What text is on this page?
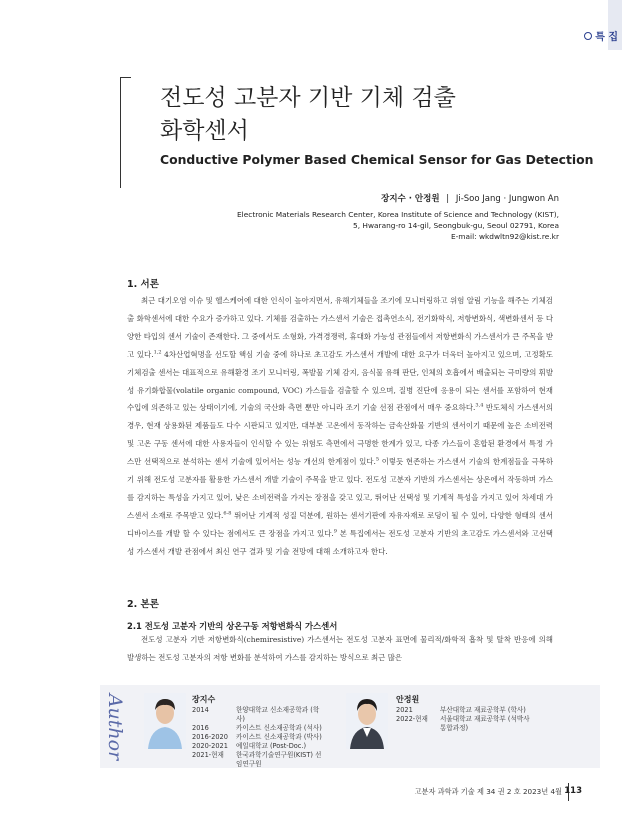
특 집
전도성 고분자 기반 기체 검출
화학센서
Conductive Polymer Based Chemical Sensor for Gas Detection
장지수 · 안정원 | Ji-Soo Jang · Jungwon An
Electronic Materials Research Center, Korea Institute of Science and Technology (KIST),
5, Hwarang-ro 14-gil, Seongbuk-gu, Seoul 02791, Korea
E-mail: wkdwltn92@kist.re.kr
1. 서론
최근 대기오염 이슈 및 헬스케어에 대한 인식이 높아지면서, 유해기체들을 조기에 모니터링하고 위험 알림 기능을 해주는 기체검출 화학센서에 대한 수요가 증가하고 있다. 기체를 검출하는 가스센서 기술은 접촉연소식, 전기화학식, 저항변화식, 색변화센서 등 다양한 타입의 센서 기술이 존재한다. 그 중에서도 소형화, 가격경쟁력, 휴대화 가능성 관점들에서 저항변화식 가스센서가 큰 주목을 받고 있다.$^{1,2}$ 4차산업혁명을 선도할 핵심 기술 중에 하나로 초고감도 가스센서 개발에 대한 요구가 더욱더 높아지고 있으며, 고정확도 기체검출 센서는 대표적으로 유해환경 조기 모니터링, 폭발물 기체 감지, 음식물 유해 판단, 인체의 호흡에서 배출되는 극미량의 휘발성 유기화합물(volatile organic compound, VOC) 가스들을 검출할 수 있으며, 질병 진단에 응용이 되는 센서를 포함하여 현재 수입에 의존하고 있는 상태이기에, 기술의 국산화 측면 뿐만 아니라 조기 기술 선점 관점에서 매우 중요하다.$^{3,4}$ 반도체식 가스센서의 경우, 현재 상용화된 제품들도 다수 시판되고 있지만, 대부분 고온에서 동작하는 금속산화물 기반의 센서이기 때문에 높은 소비전력 및 고온 구동 센서에 대한 사용자들이 인식할 수 있는 위험도 측면에서 극명한 한계가 있고, 다종 가스들이 혼합된 환경에서 특정 가스만 선택적으로 분석하는 센서 기술에 있어서는 성능 개선의 한계점이 있다.$^5$ 이렇듯 현존하는 가스센서 기술의 한계점들을 극복하기 위해 전도성 고분자를 활용한 가스센서 개발 기술이 주목을 받고 있다. 전도성 고분자 기반의 가스센서는 상온에서 작동하며 가스를 감지하는 특성을 가지고 있어, 낮은 소비전력을 가지는 장점을 갖고 있고, 뛰어난 선택성 및 기계적 특성을 가지고 있어 차세대 가스센서 소재로 주목받고 있다.$^{6-8}$ 뛰어난 기계적 성질 덕분에, 원하는 센서기판에 자유자재로 로딩이 될 수 있어, 다양한 형태의 센서디바이스를 개발 할 수 있다는 점에서도 큰 장점을 가지고 있다.$^9$ 본 특집에서는 전도성 고분자 기반의 초고감도 가스센서와 고선택성 가스센서 개발 관점에서 최신 연구 결과 및 기술 전망에 대해 소개하고자 한다.
2. 본론
2.1 전도성 고분자 기반의 상온구동 저항변화식 가스센서
전도성 고분자 기반 저항변화식(chemiresistive) 가스센서는 전도성 고분자 표면에 물리적/화학적 흡착 및 탈착 반응에 의해 발생하는 전도성 고분자의 저항 변화를 분석하여 가스를 감지하는 방식으로 최근 많은
Author	장지수
2014	한양대학교 신소재공학과 (학사)
2016	카이스트 신소재공학과 (석사)
2016-2020	카이스트 신소재공학과 (박사)
2020-2021	예일대학교 (Post-Doc.)
2021-현재	한국과학기술연구원(KIST) 선임연구원
안정원
2021	부산대학교 재료공학부 (학사)
2022-현재	서울대학교 재료공학부 (석박사 통합과정)
고분자 과학과 기술 제 34 권 2 호 2023년 4월 113
